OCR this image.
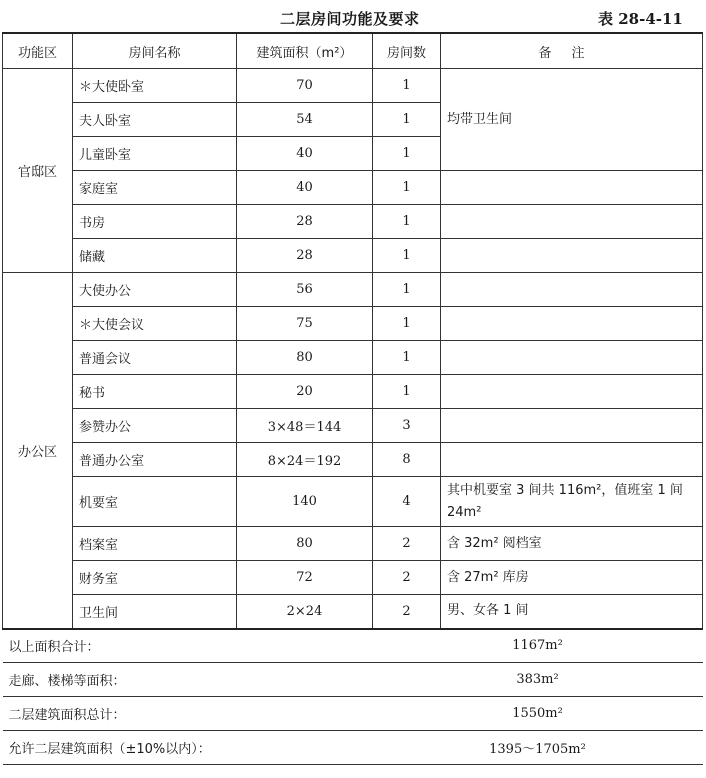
二层房间功能及要求	表 28-4-11
功能区	房间名称	建筑面积（m²）	房间数	备注
官邸区	＊大使卧室	70	1	均带卫生间
	夫人卧室	54	1	
	儿童卧室	40	1	
	家庭室	40	1	
	书房	28	1	
	储藏	28	1	
办公区	大使办公	56	1	
	＊大使会议	75	1	
	普通会议	80	1	
	秘书	20	1	
	参赞办公	3×48＝144	3	
	普通办公室	8×24＝192	8	
	机要室	140	4	其中机要室 3 间共 116m²，值班室 1 间24m²
	档案室	80	2	含 32m² 阅档室
	财务室	72	2	含 27m² 库房
	卫生间	2×24	2	男、女各 1 间
以上面积合计：			1167m²	
走廊、楼梯等面积：			383m²	
二层建筑面积总计：			1550m²	
允许二层建筑面积（±10%以内）：			1395～1705m²	
